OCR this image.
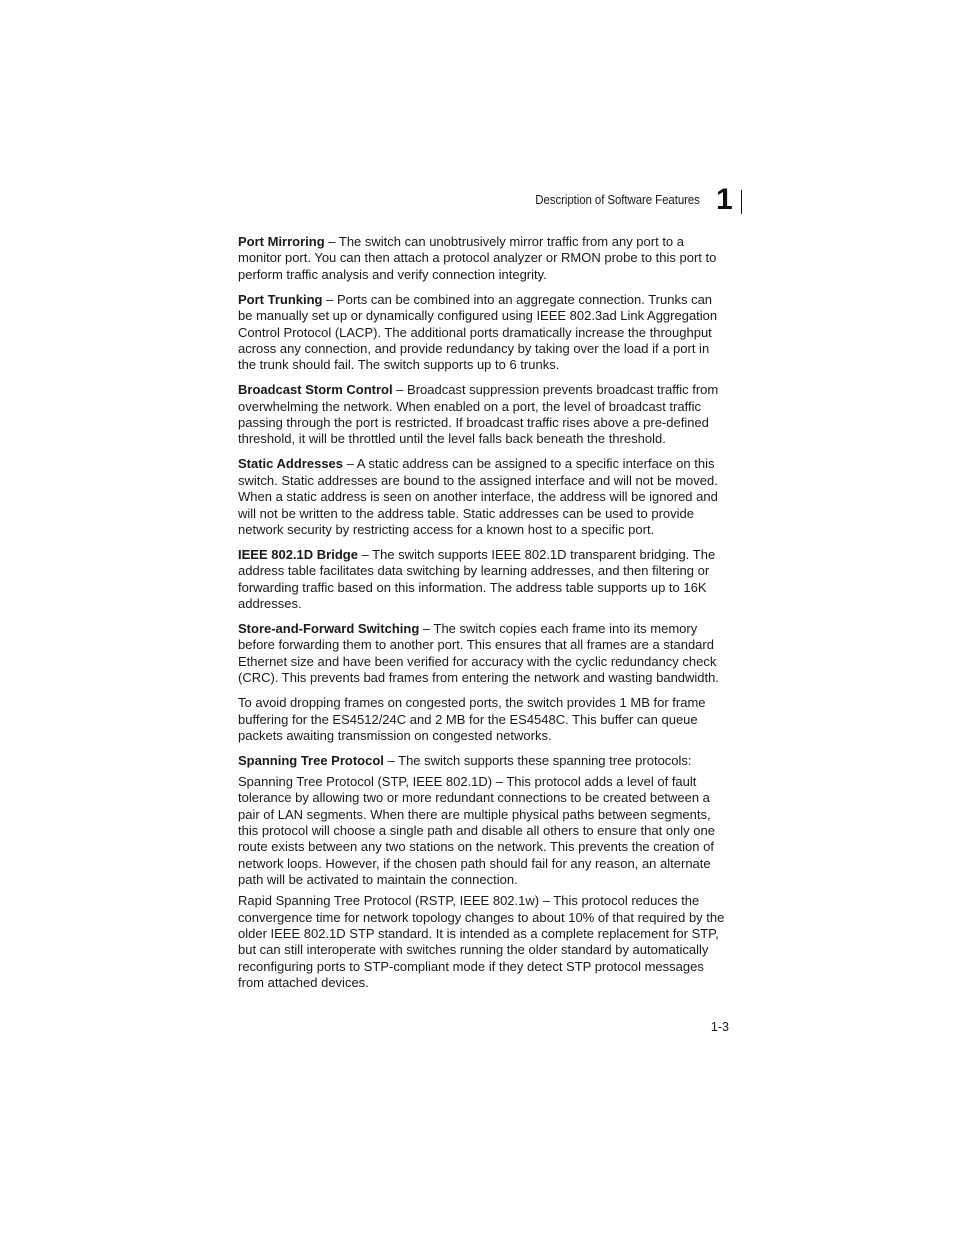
Description of Software Features 1

Port Mirroring – The switch can unobtrusively mirror traffic from any port to a monitor port. You can then attach a protocol analyzer or RMON probe to this port to perform traffic analysis and verify connection integrity.

Port Trunking – Ports can be combined into an aggregate connection. Trunks can be manually set up or dynamically configured using IEEE 802.3ad Link Aggregation Control Protocol (LACP). The additional ports dramatically increase the throughput across any connection, and provide redundancy by taking over the load if a port in the trunk should fail. The switch supports up to 6 trunks.

Broadcast Storm Control – Broadcast suppression prevents broadcast traffic from overwhelming the network. When enabled on a port, the level of broadcast traffic passing through the port is restricted. If broadcast traffic rises above a pre-defined threshold, it will be throttled until the level falls back beneath the threshold.

Static Addresses – A static address can be assigned to a specific interface on this switch. Static addresses are bound to the assigned interface and will not be moved. When a static address is seen on another interface, the address will be ignored and will not be written to the address table. Static addresses can be used to provide network security by restricting access for a known host to a specific port.

IEEE 802.1D Bridge – The switch supports IEEE 802.1D transparent bridging. The address table facilitates data switching by learning addresses, and then filtering or forwarding traffic based on this information. The address table supports up to 16K addresses.

Store-and-Forward Switching – The switch copies each frame into its memory before forwarding them to another port. This ensures that all frames are a standard Ethernet size and have been verified for accuracy with the cyclic redundancy check (CRC). This prevents bad frames from entering the network and wasting bandwidth.

To avoid dropping frames on congested ports, the switch provides 1 MB for frame buffering for the ES4512/24C and 2 MB for the ES4548C. This buffer can queue packets awaiting transmission on congested networks.

Spanning Tree Protocol – The switch supports these spanning tree protocols:

Spanning Tree Protocol (STP, IEEE 802.1D) – This protocol adds a level of fault tolerance by allowing two or more redundant connections to be created between a pair of LAN segments. When there are multiple physical paths between segments, this protocol will choose a single path and disable all others to ensure that only one route exists between any two stations on the network. This prevents the creation of network loops. However, if the chosen path should fail for any reason, an alternate path will be activated to maintain the connection.

Rapid Spanning Tree Protocol (RSTP, IEEE 802.1w) – This protocol reduces the convergence time for network topology changes to about 10% of that required by the older IEEE 802.1D STP standard. It is intended as a complete replacement for STP, but can still interoperate with switches running the older standard by automatically reconfiguring ports to STP-compliant mode if they detect STP protocol messages from attached devices.

1-3
